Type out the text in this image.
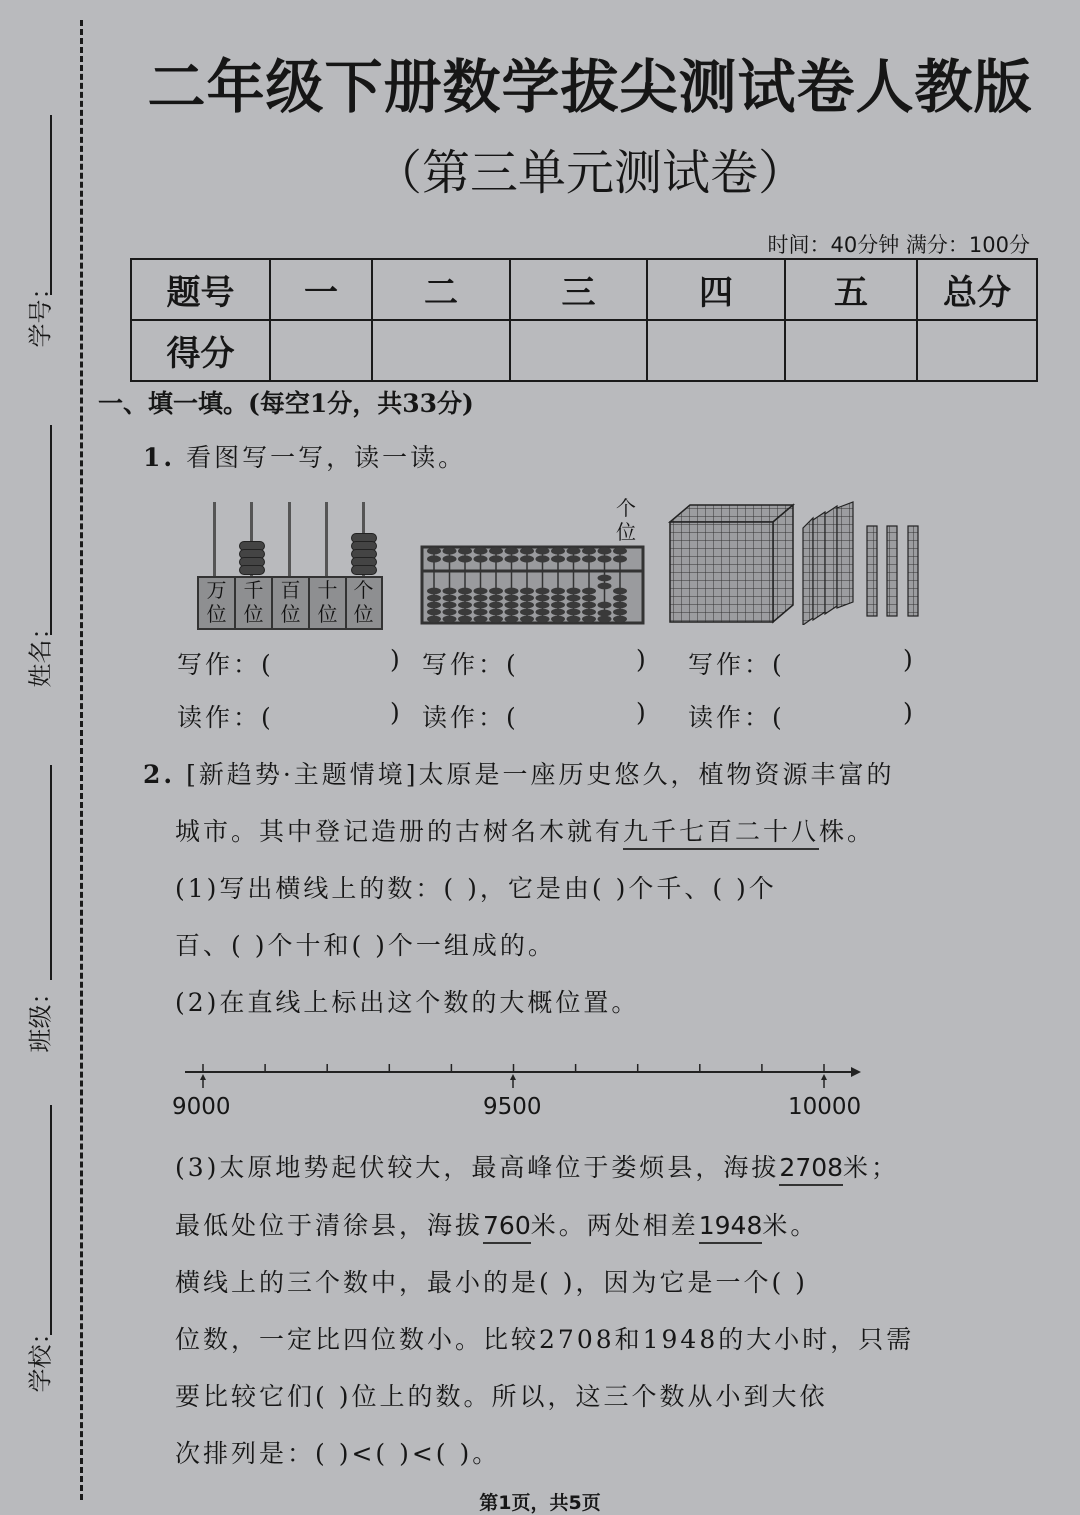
学号：
姓名：
班级：
学校：
二年级下册数学拔尖测试卷人教版
（第三单元测试卷）
时间：40分钟 满分：100分
题号	一	二	三	四	五	总分
得分						
一、填一填。(每空1分，共33分)
1. 看图写一写，读一读。
万位
千位
百位
十位
个位
个位
写作：(	) 写作：(	) 写作：(	)
读作：(	) 读作：(	) 读作：(	)
2. [新趋势·主题情境]太原是一座历史悠久，植物资源丰富的
城市。其中登记造册的古树名木就有九千七百二十八株。
(1)写出横线上的数：( )，它是由( )个千、( )个
百、( )个十和( )个一组成的。
(2)在直线上标出这个数的大概位置。
9000	9500	10000
(3)太原地势起伏较大，最高峰位于娄烦县，海拔2708米；
最低处位于清徐县，海拔760米。两处相差1948米。
横线上的三个数中，最小的是( )，因为它是一个( )
位数，一定比四位数小。比较2708和1948的大小时，只需
要比较它们( )位上的数。所以，这三个数从小到大依
次排列是：( )<( )<( )。
第1页，共5页
